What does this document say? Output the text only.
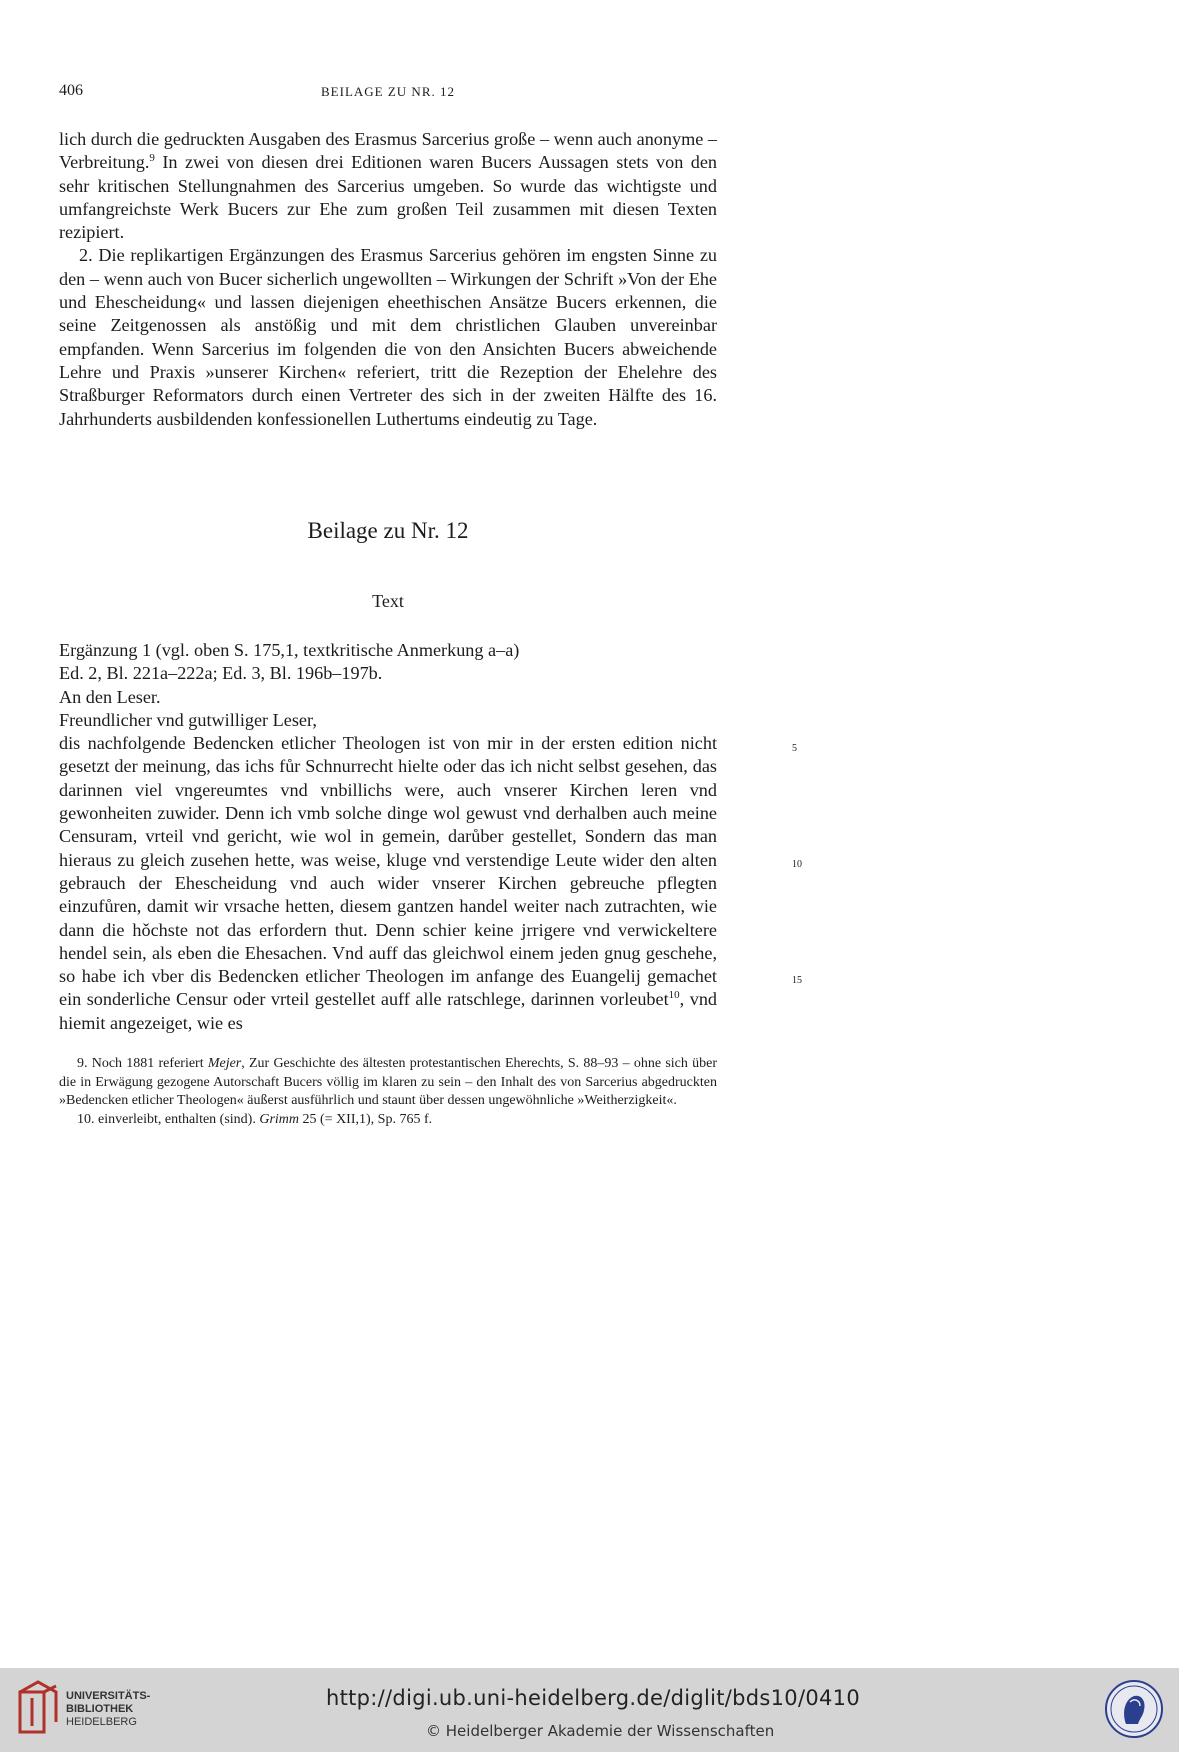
406	BEILAGE ZU NR. 12

lich durch die gedruckten Ausgaben des Erasmus Sarcerius große – wenn auch anonyme – Verbreitung.$^9$ In zwei von diesen drei Editionen waren Bucers Aussagen stets von den sehr kritischen Stellungnahmen des Sarcerius umgeben. So wurde das wichtigste und umfangreichste Werk Bucers zur Ehe zum großen Teil zusammen mit diesen Texten rezipiert.

2. Die replikartigen Ergänzungen des Erasmus Sarcerius gehören im engsten Sinne zu den – wenn auch von Bucer sicherlich ungewollten – Wirkungen der Schrift »Von der Ehe und Ehescheidung« und lassen diejenigen eheethischen Ansätze Bucers erkennen, die seine Zeitgenossen als anstößig und mit dem christlichen Glauben unvereinbar empfanden. Wenn Sarcerius im folgenden die von den Ansichten Bucers abweichende Lehre und Praxis »unserer Kirchen« referiert, tritt die Rezeption der Ehelehre des Straßburger Reformators durch einen Vertreter des sich in der zweiten Hälfte des 16. Jahrhunderts ausbildenden konfessionellen Luthertums eindeutig zu Tage.

Beilage zu Nr. 12
Text
Ergänzung 1 (vgl. oben S. 175,1, textkritische Anmerkung a–a)
Ed. 2, Bl. 221a–222a; Ed. 3, Bl. 196b–197b.
An den Leser.
Freundlicher vnd gutwilliger Leser,
dis nachfolgende Bedencken etlicher Theologen ist von mir in der ersten edition nicht gesetzt der meinung, das ichs fůr Schnurrecht hielte oder das ich nicht selbst gesehen, das darinnen viel vngereumtes vnd vnbillichs were, auch vnserer Kirchen leren vnd gewonheiten zuwider. Denn ich vmb solche dinge wol gewust vnd derhalben auch meine Censuram, vrteil vnd gericht, wie wol in gemein, darůber gestellet, Sondern das man hieraus zu gleich zusehen hette, was weise, kluge vnd verstendige Leute wider den alten gebrauch der Ehescheidung vnd auch wider vnserer Kirchen gebreuche pflegten einzufůren, damit wir vrsache hetten, diesem gantzen handel weiter nach zutrachten, wie dann die hǒchste not das erfordern thut. Denn schier keine jrrigere vnd verwickeltere hendel sein, als eben die Ehesachen. Vnd auff das gleichwol einem jeden gnug geschehe, so habe ich vber dis Bedencken etlicher Theologen im anfange des Euangelij gemachet ein sonderliche Censur oder vrteil gestellet auff alle ratschlege, darinnen vorleubet$^{10}$, vnd hiemit angezeiget, wie es
5
10
15

9. Noch 1881 referiert Mejer, Zur Geschichte des ältesten protestantischen Eherechts, S. 88–93 – ohne sich über die in Erwägung gezogene Autorschaft Bucers völlig im klaren zu sein – den Inhalt des von Sarcerius abgedruckten »Bedencken etlicher Theologen« äußerst ausführlich und staunt über dessen ungewöhnliche »Weitherzigkeit«.

10. einverleibt, enthalten (sind). Grimm 25 (= XII,1), Sp. 765 f.

UNIVERSITÄTS-
BIBLIOTHEK
HEIDELBERG
http://digi.ub.uni-heidelberg.de/diglit/bds10/0410
© Heidelberger Akademie der Wissenschaften
